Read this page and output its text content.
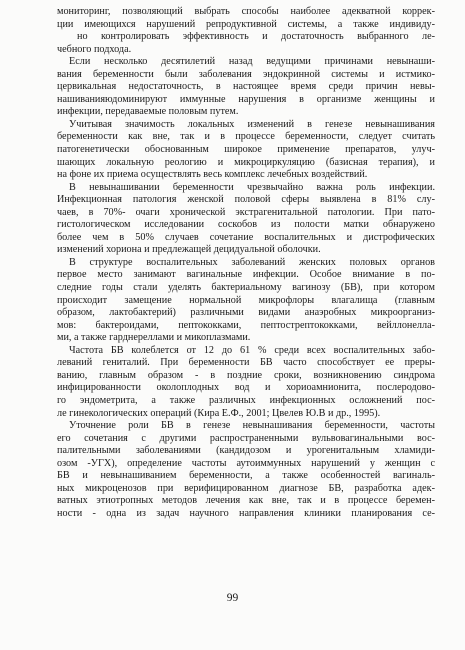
мониторинг, позволяющий выбрать способы наиболее адекватной коррек-
ции имеющихся нарушений репродуктивной системы, а также индивиду-
но контролировать эффективность и достаточность выбранного ле-
чебного подхода.
Если несколько десятилетий назад ведущими причинами невынаши-
вания беременности были заболевания эндокринной системы и истмико-
цервикальная недостаточность, в настоящее время среди причин невы-
нашиванияюдоминируют иммунные нарушения в организме женщины и
инфекции, передаваемые половым путем.
Учитывая значимость локальных изменений в генезе невынашивания
беременности как вне, так и в процессе беременности, следует считать
патогенетически обоснованным широкое применение препаратов, улуч-
шающих локальную реологию и микроциркуляцию (базисная терапия), и
на фоне их приема осуществлять весь комплекс лечебных воздействий.
В невынашивании беременности чрезвычайно важна роль инфекции.
Инфекционная патология женской половой сферы выявлена в 81% слу-
чаев, в 70%- очаги хронической экстрагенитальной патологии. При пато-
гистологическом исследовании соскобов из полости матки обнаружено
более чем в 50% случаев сочетание воспалительных и дистрофических
изменений хориона и предлежащей децидуальной оболочки.
В структуре воспалительных заболеваний женских половых органов
первое место занимают вагинальные инфекции. Особое внимание в по-
следние годы стали уделять бактериальному вагинозу (БВ), при котором
происходит замещение нормальной микрофлоры влагалища (главным
образом, лактобактерий) различными видами анаэробных микроорганиз-
мов: бактероидами, пептококками, пептострептококками, вейллонелла-
ми, а также гарднереллами и микоплазмами.
Частота БВ колеблется от 12 до 61 % среди всех воспалительных забо-
леваний гениталий. При беременности БВ часто способствует ее преры-
ванию, главным образом - в поздние сроки, возникновению синдрома
инфицированности околоплодных вод и хориоамнионита, послеродово-
го эндометрита, а также различных инфекционных осложнений пос-
ле гинекологических операций (Кира Е.Ф., 2001; Цвелев Ю.В и др., 1995).
Уточнение роли БВ в генезе невынашивания беременности, частоты
его сочетания с другими распространенными вульвовагинальными вос-
палительными заболеваниями (кандидозом и урогенитальным хламиди-
озом -УГХ), определение частоты аутоиммунных нарушений у женщин с
БВ и невынашиванием беременности, а также особенностей вагиналь-
ных микроценозов при верифицированном диагнозе БВ, разработка адек-
ватных этиотропных методов лечения как вне, так и в процессе беремен-
ности - одна из задач научного направления клиники планирования се-
99
